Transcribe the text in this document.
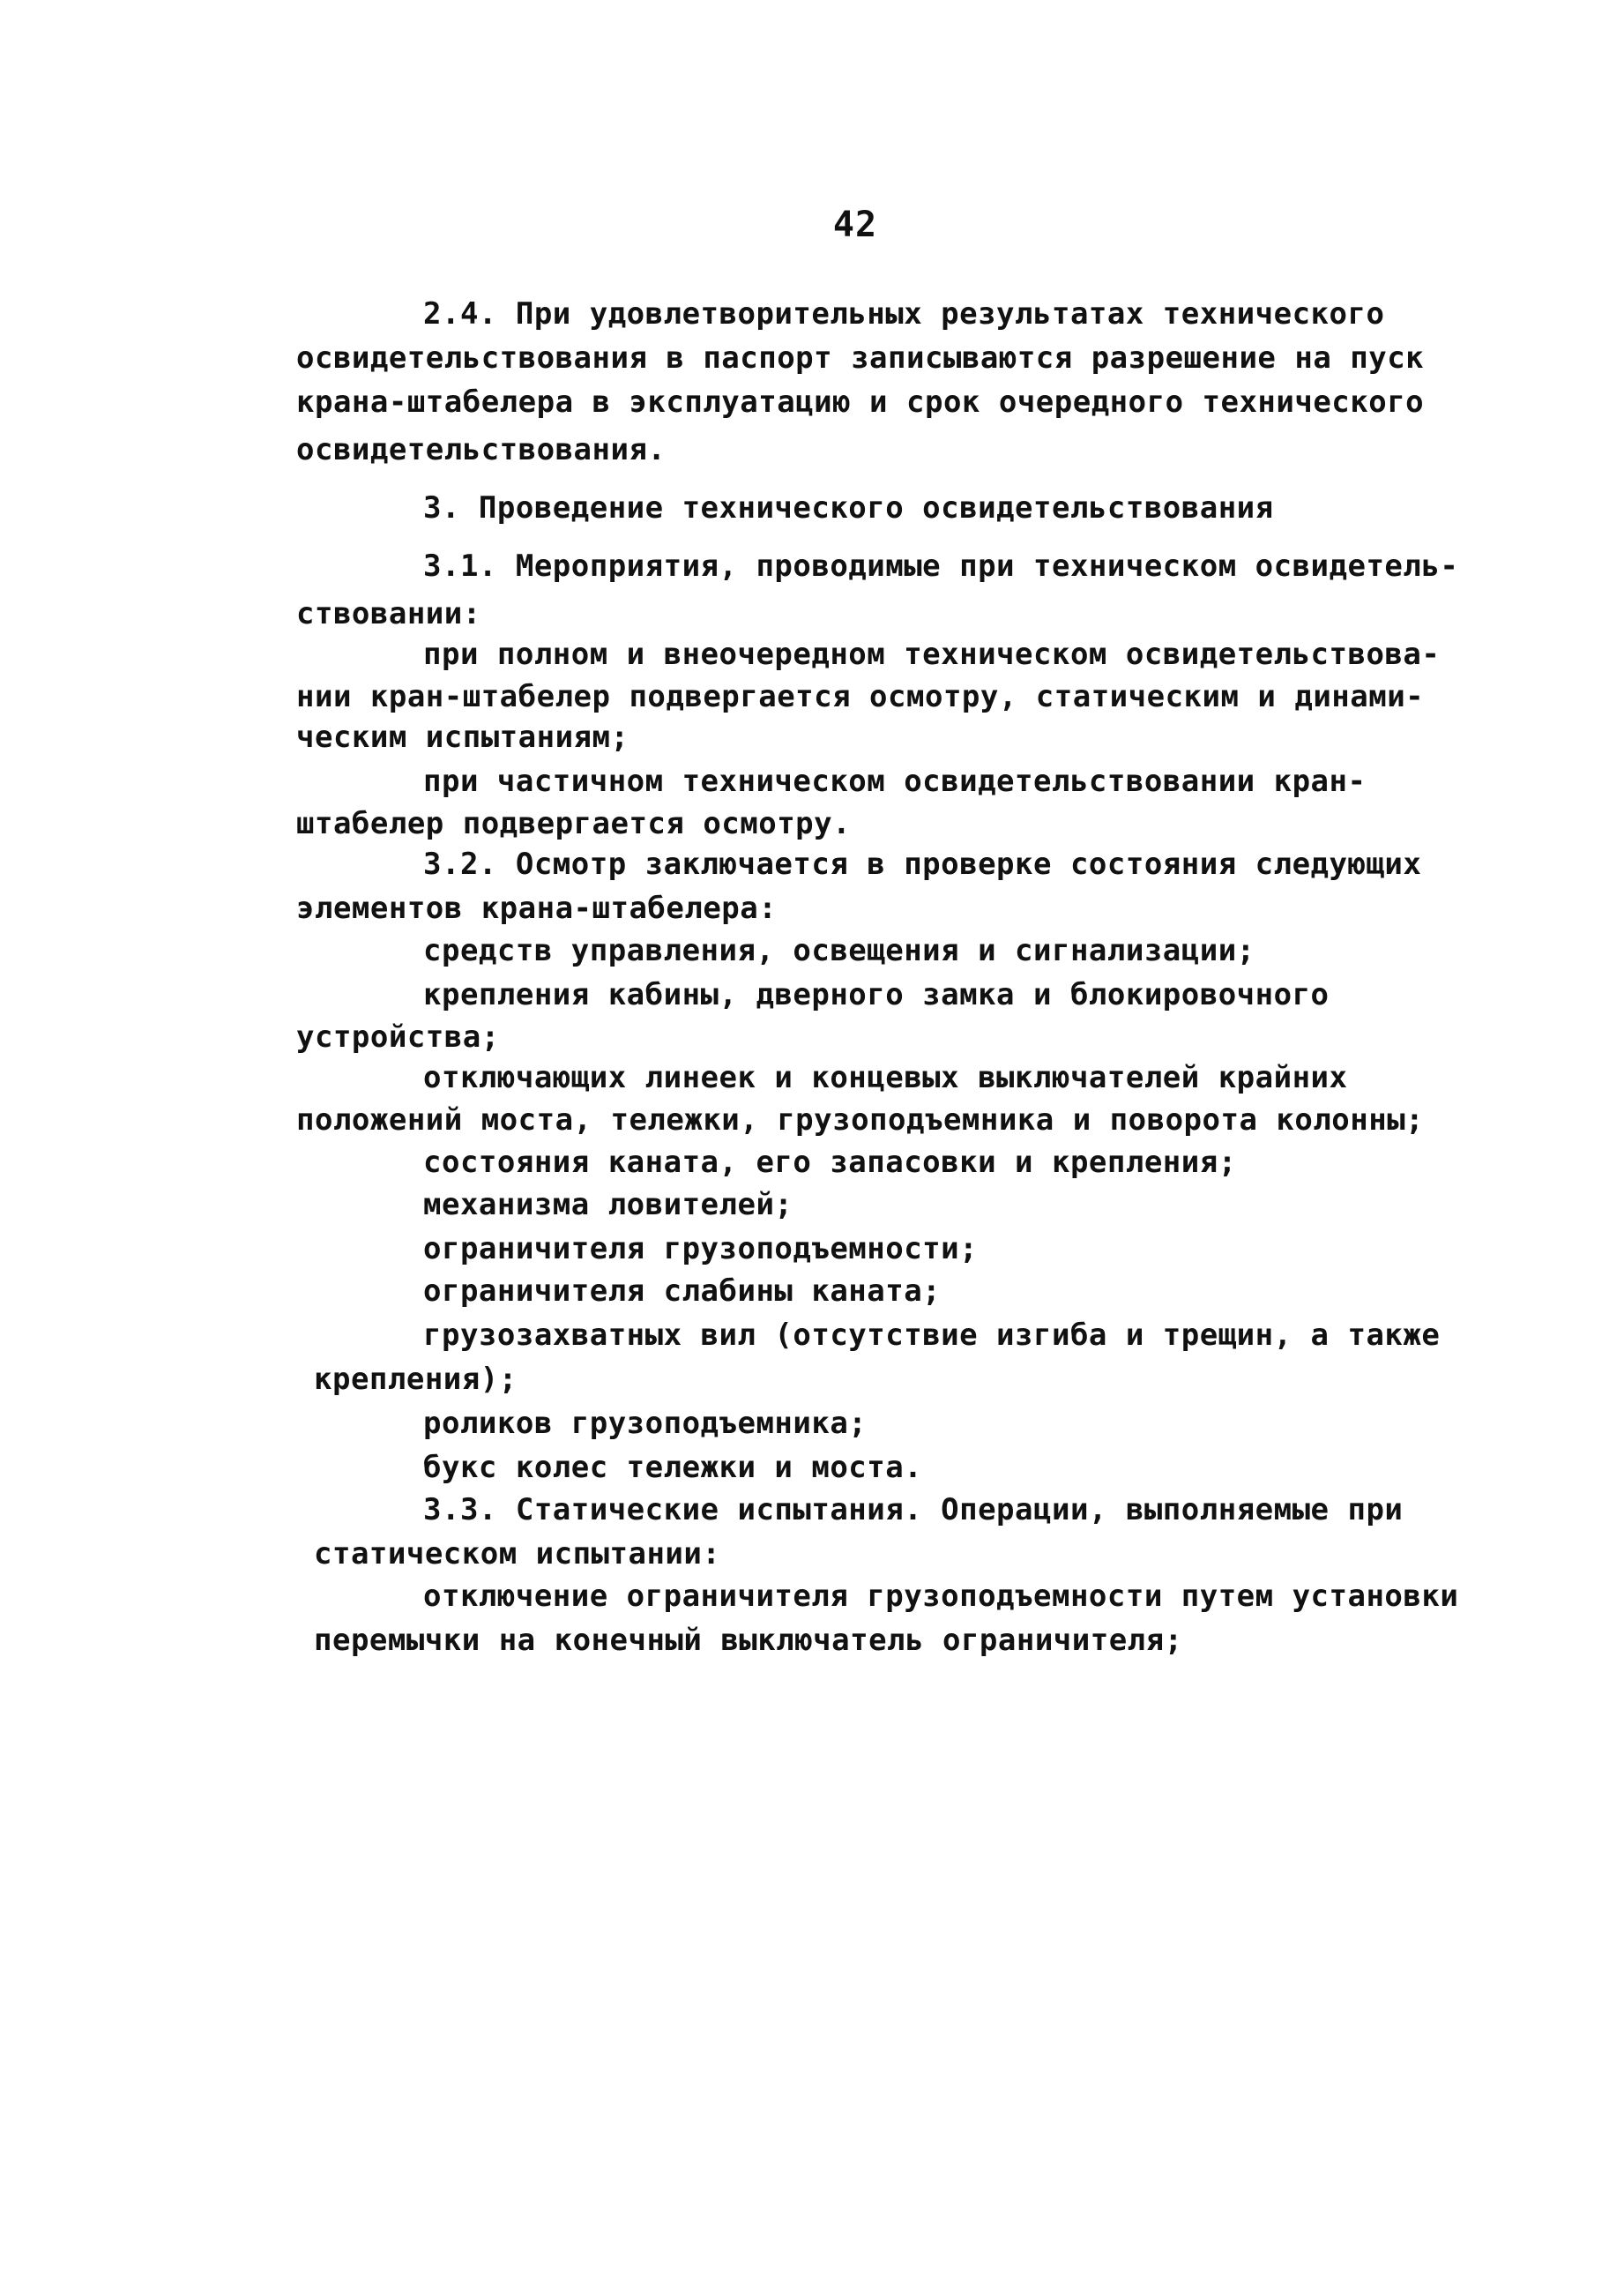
42
2.4. При удовлетворительных результатах технического
освидетельствования в паспорт записываются разрешение на пуск
крана-штабелера в эксплуатацию и срок очередного технического
освидетельствования.
3. Проведение технического освидетельствования
3.1. Мероприятия, проводимые при техническом освидетель-
ствовании:
при полном и внеочередном техническом освидетельствова-
нии кран-штабелер подвергается осмотру, статическим и динами-
ческим испытаниям;
при частичном техническом освидетельствовании кран-
штабелер подвергается осмотру.
3.2. Осмотр заключается в проверке состояния следующих
элементов крана-штабелера:
средств управления, освещения и сигнализации;
крепления кабины, дверного замка и блокировочного
устройства;
отключающих линеек и концевых выключателей крайних
положений моста, тележки, грузоподъемника и поворота колонны;
состояния каната, его запасовки и крепления;
механизма ловителей;
ограничителя грузоподъемности;
ограничителя слабины каната;
грузозахватных вил (отсутствие изгиба и трещин, а также
крепления);
роликов грузоподъемника;
букс колес тележки и моста.
3.3. Статические испытания. Операции, выполняемые при
статическом испытании:
отключение ограничителя грузоподъемности путем установки
перемычки на конечный выключатель ограничителя;
